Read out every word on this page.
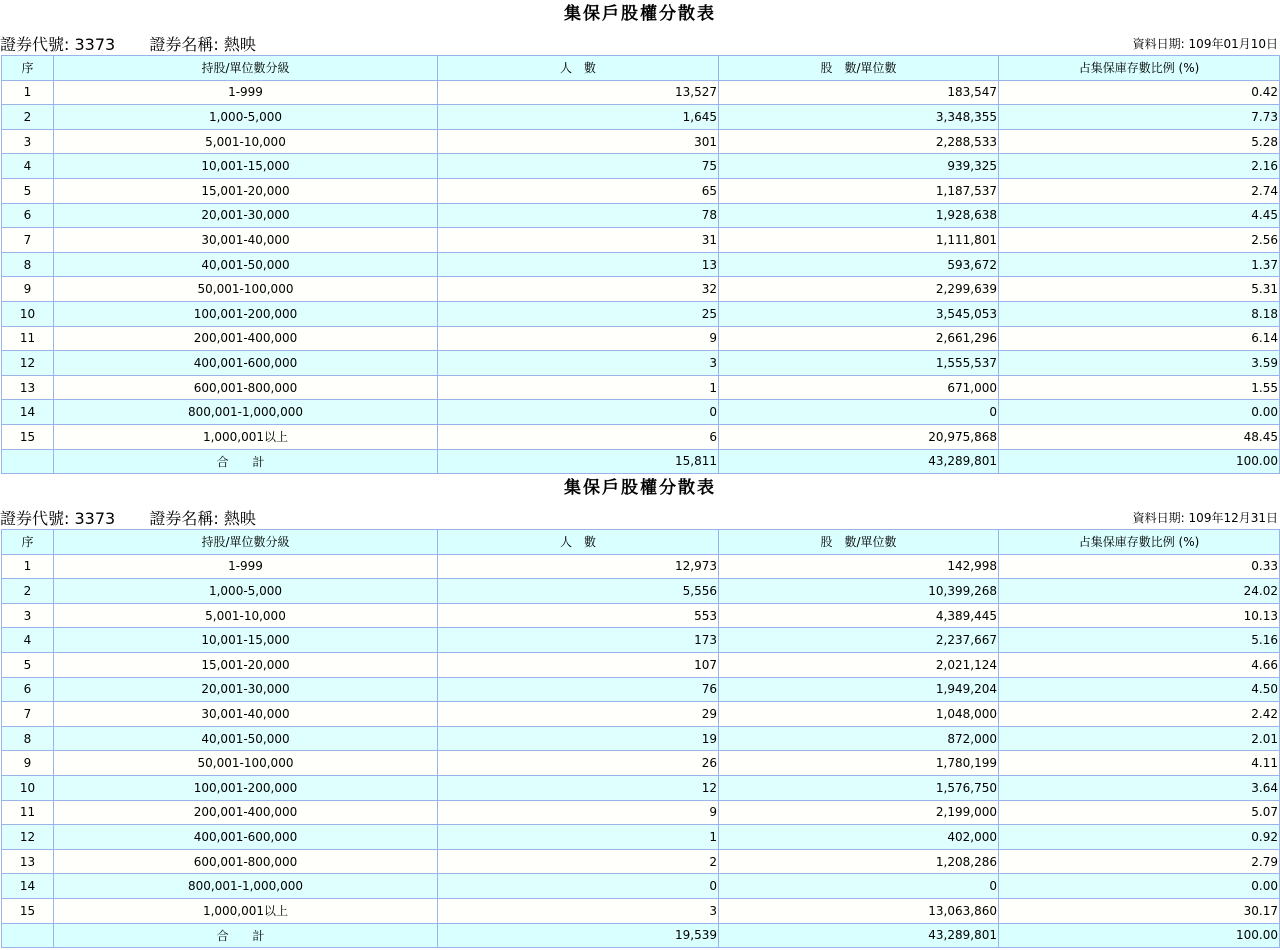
集保戶股權分散表
證券代號: 3373 證券名稱: 熱映	資料日期: 109年01月10日
序	持股/單位數分級	人　數	股　數/單位數	占集保庫存數比例 (%)
1	1-999	13,527	183,547	0.42
2	1,000-5,000	1,645	3,348,355	7.73
3	5,001-10,000	301	2,288,533	5.28
4	10,001-15,000	75	939,325	2.16
5	15,001-20,000	65	1,187,537	2.74
6	20,001-30,000	78	1,928,638	4.45
7	30,001-40,000	31	1,111,801	2.56
8	40,001-50,000	13	593,672	1.37
9	50,001-100,000	32	2,299,639	5.31
10	100,001-200,000	25	3,545,053	8.18
11	200,001-400,000	9	2,661,296	6.14
12	400,001-600,000	3	1,555,537	3.59
13	600,001-800,000	1	671,000	1.55
14	800,001-1,000,000	0	0	0.00
15	1,000,001以上	6	20,975,868	48.45
	合 計	15,811	43,289,801	100.00
集保戶股權分散表
證券代號: 3373 證券名稱: 熱映	資料日期: 109年12月31日
序	持股/單位數分級	人　數	股　數/單位數	占集保庫存數比例 (%)
1	1-999	12,973	142,998	0.33
2	1,000-5,000	5,556	10,399,268	24.02
3	5,001-10,000	553	4,389,445	10.13
4	10,001-15,000	173	2,237,667	5.16
5	15,001-20,000	107	2,021,124	4.66
6	20,001-30,000	76	1,949,204	4.50
7	30,001-40,000	29	1,048,000	2.42
8	40,001-50,000	19	872,000	2.01
9	50,001-100,000	26	1,780,199	4.11
10	100,001-200,000	12	1,576,750	3.64
11	200,001-400,000	9	2,199,000	5.07
12	400,001-600,000	1	402,000	0.92
13	600,001-800,000	2	1,208,286	2.79
14	800,001-1,000,000	0	0	0.00
15	1,000,001以上	3	13,063,860	30.17
	合 計	19,539	43,289,801	100.00
